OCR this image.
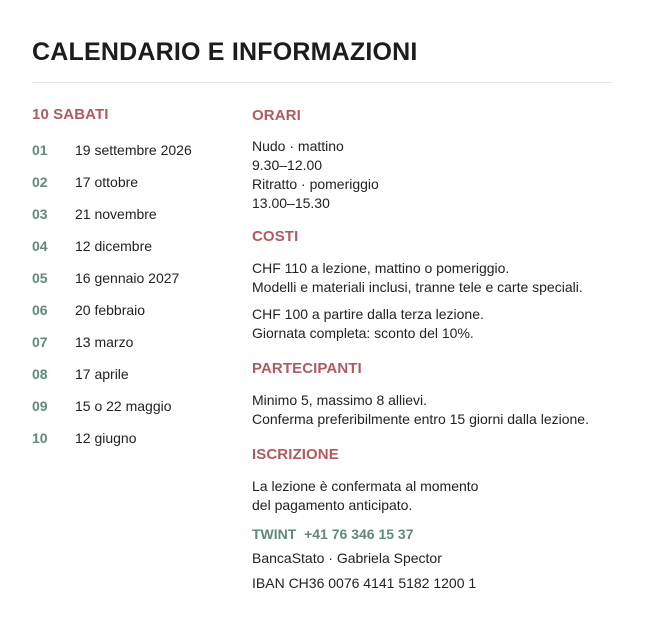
CALENDARIO E INFORMAZIONI
10 SABATI
01	19 settembre 2026
02	17 ottobre
03	21 novembre
04	12 dicembre
05	16 gennaio 2027
06	20 febbraio
07	13 marzo
08	17 aprile
09	15 o 22 maggio
10	12 giugno
ORARI
Nudo · mattino
9.30–12.00
Ritratto · pomeriggio
13.00–15.30
COSTI
CHF 110 a lezione, mattino o pomeriggio.
Modelli e materiali inclusi, tranne tele e carte speciali.
CHF 100 a partire dalla terza lezione.
Giornata completa: sconto del 10%.
PARTECIPANTI
Minimo 5, massimo 8 allievi.
Conferma preferibilmente entro 15 giorni dalla lezione.
ISCRIZIONE
La lezione è confermata al momento
del pagamento anticipato.
TWINT  +41 76 346 15 37
BancaStato · Gabriela Spector
IBAN CH36 0076 4141 5182 1200 1
